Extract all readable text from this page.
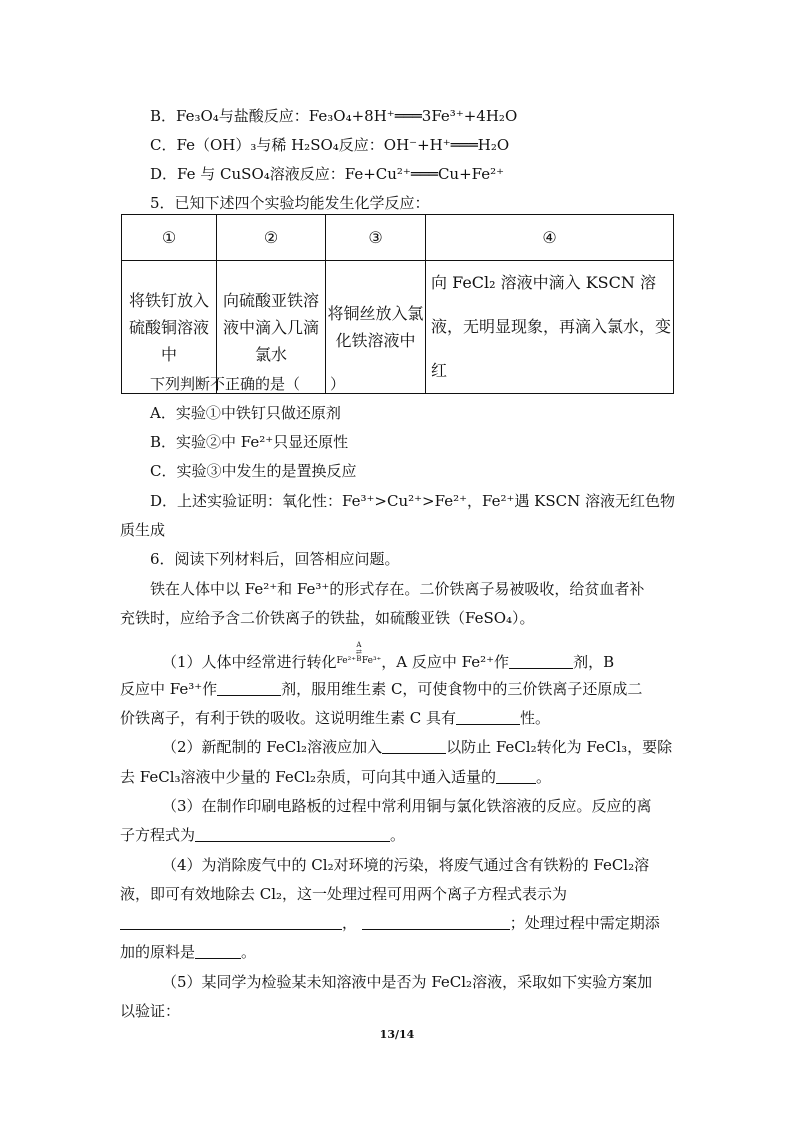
B．Fe₃O₄与盐酸反应：Fe₃O₄+8H⁺═══3Fe³⁺+4H₂O
C．Fe（OH）₃与稀 H₂SO₄反应：OH⁻+H⁺═══H₂O
D．Fe 与 CuSO₄溶液反应：Fe+Cu²⁺═══Cu+Fe²⁺
5．已知下述四个实验均能发生化学反应：
①	②	③	④
将铁钉放入硫酸铜溶液中	向硫酸亚铁溶液中滴入几滴氯水	将铜丝放入氯化铁溶液中	向 FeCl₂ 溶液中滴入 KSCN 溶液，无明显现象，再滴入氯水，变红
下列判断不正确的是（　　）
A．实验①中铁钉只做还原剂
B．实验②中 Fe²⁺只显还原性
C．实验③中发生的是置换反应
D．上述实验证明：氧化性：Fe³⁺>Cu²⁺>Fe²⁺，Fe²⁺遇 KSCN 溶液无红色物
质生成
6．阅读下列材料后，回答相应问题。
铁在人体中以 Fe²⁺和 Fe³⁺的形式存在。二价铁离子易被吸收，给贫血者补
充铁时，应给予含二价铁离子的铁盐，如硫酸亚铁（FeSO₄）。
（1）人体中经常进行转化Fe²⁺A
⇄
BFe³⁺，A 反应中 Fe²⁺作	剂，B
反应中 Fe³⁺作	剂，服用维生素 C，可使食物中的三价铁离子还原成二
价铁离子，有利于铁的吸收。这说明维生素 C 具有	性。
（2）新配制的 FeCl₂溶液应加入	以防止 FeCl₂转化为 FeCl₃，要除
去 FeCl₃溶液中少量的 FeCl₂杂质，可向其中通入适量的	。
（3）在制作印刷电路板的过程中常利用铜与氯化铁溶液的反应。反应的离
子方程式为	。
（4）为消除废气中的 Cl₂对环境的污染，将废气通过含有铁粉的 FeCl₂溶
液，即可有效地除去 Cl₂，这一处理过程可用两个离子方程式表示为
，	；处理过程中需定期添
加的原料是	。
（5）某同学为检验某未知溶液中是否为 FeCl₂溶液，采取如下实验方案加
以验证：
13/14
